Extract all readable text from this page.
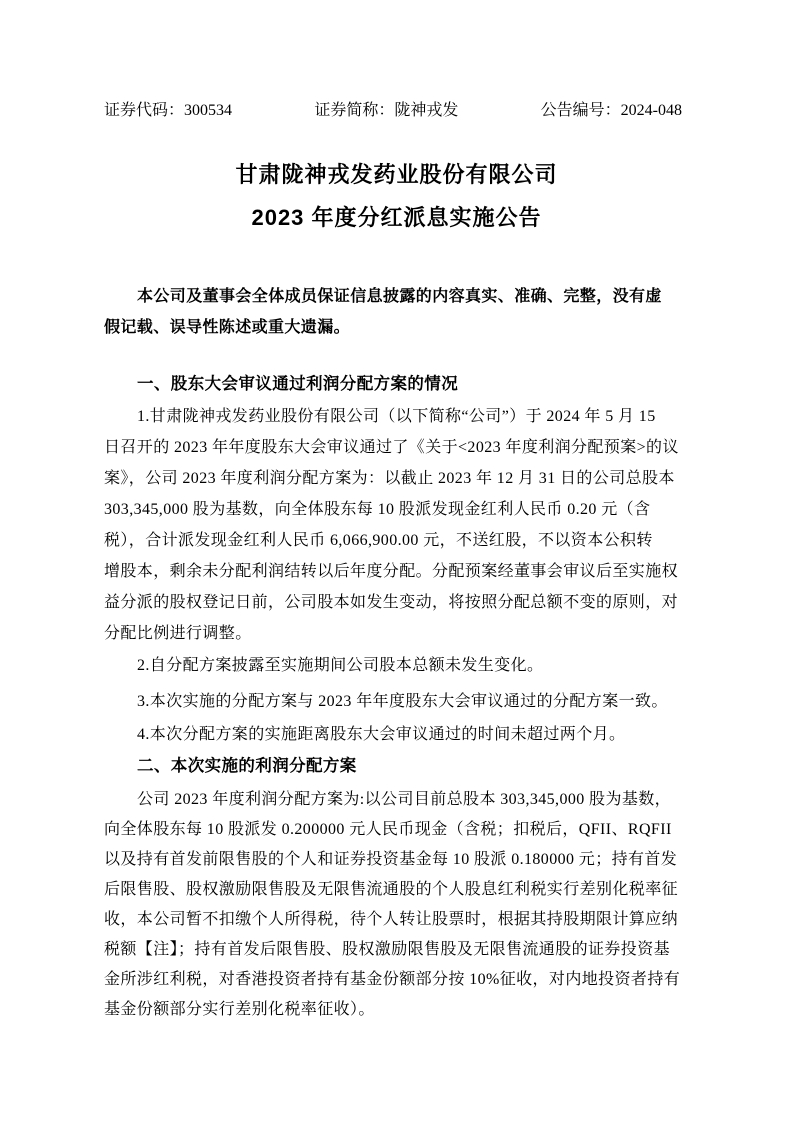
证券代码：300534	证券简称：陇神戎发	公告编号：2024-048
甘肃陇神戎发药业股份有限公司
2023 年度分红派息实施公告
本公司及董事会全体成员保证信息披露的内容真实、准确、完整，没有虚
假记载、误导性陈述或重大遗漏。
一、股东大会审议通过利润分配方案的情况
1.甘肃陇神戎发药业股份有限公司（以下简称“公司”）于 2024 年 5 月 15
日召开的 2023 年年度股东大会审议通过了《关于<2023 年度利润分配预案>的议
案》，公司 2023 年度利润分配方案为：以截止 2023 年 12 月 31 日的公司总股本
303,345,000 股为基数，向全体股东每 10 股派发现金红利人民币 0.20 元（含
税），合计派发现金红利人民币 6,066,900.00 元，不送红股，不以资本公积转
增股本，剩余未分配利润结转以后年度分配。分配预案经董事会审议后至实施权
益分派的股权登记日前，公司股本如发生变动，将按照分配总额不变的原则，对
分配比例进行调整。
2.自分配方案披露至实施期间公司股本总额未发生变化。
3.本次实施的分配方案与 2023 年年度股东大会审议通过的分配方案一致。
4.本次分配方案的实施距离股东大会审议通过的时间未超过两个月。
二、本次实施的利润分配方案
公司 2023 年度利润分配方案为:以公司目前总股本 303,345,000 股为基数，
向全体股东每 10 股派发 0.200000 元人民币现金（含税；扣税后，QFII、RQFII
以及持有首发前限售股的个人和证券投资基金每 10 股派 0.180000 元；持有首发
后限售股、股权激励限售股及无限售流通股的个人股息红利税实行差别化税率征
收，本公司暂不扣缴个人所得税，待个人转让股票时，根据其持股期限计算应纳
税额【注】；持有首发后限售股、股权激励限售股及无限售流通股的证券投资基
金所涉红利税，对香港投资者持有基金份额部分按 10%征收，对内地投资者持有
基金份额部分实行差别化税率征收）。
